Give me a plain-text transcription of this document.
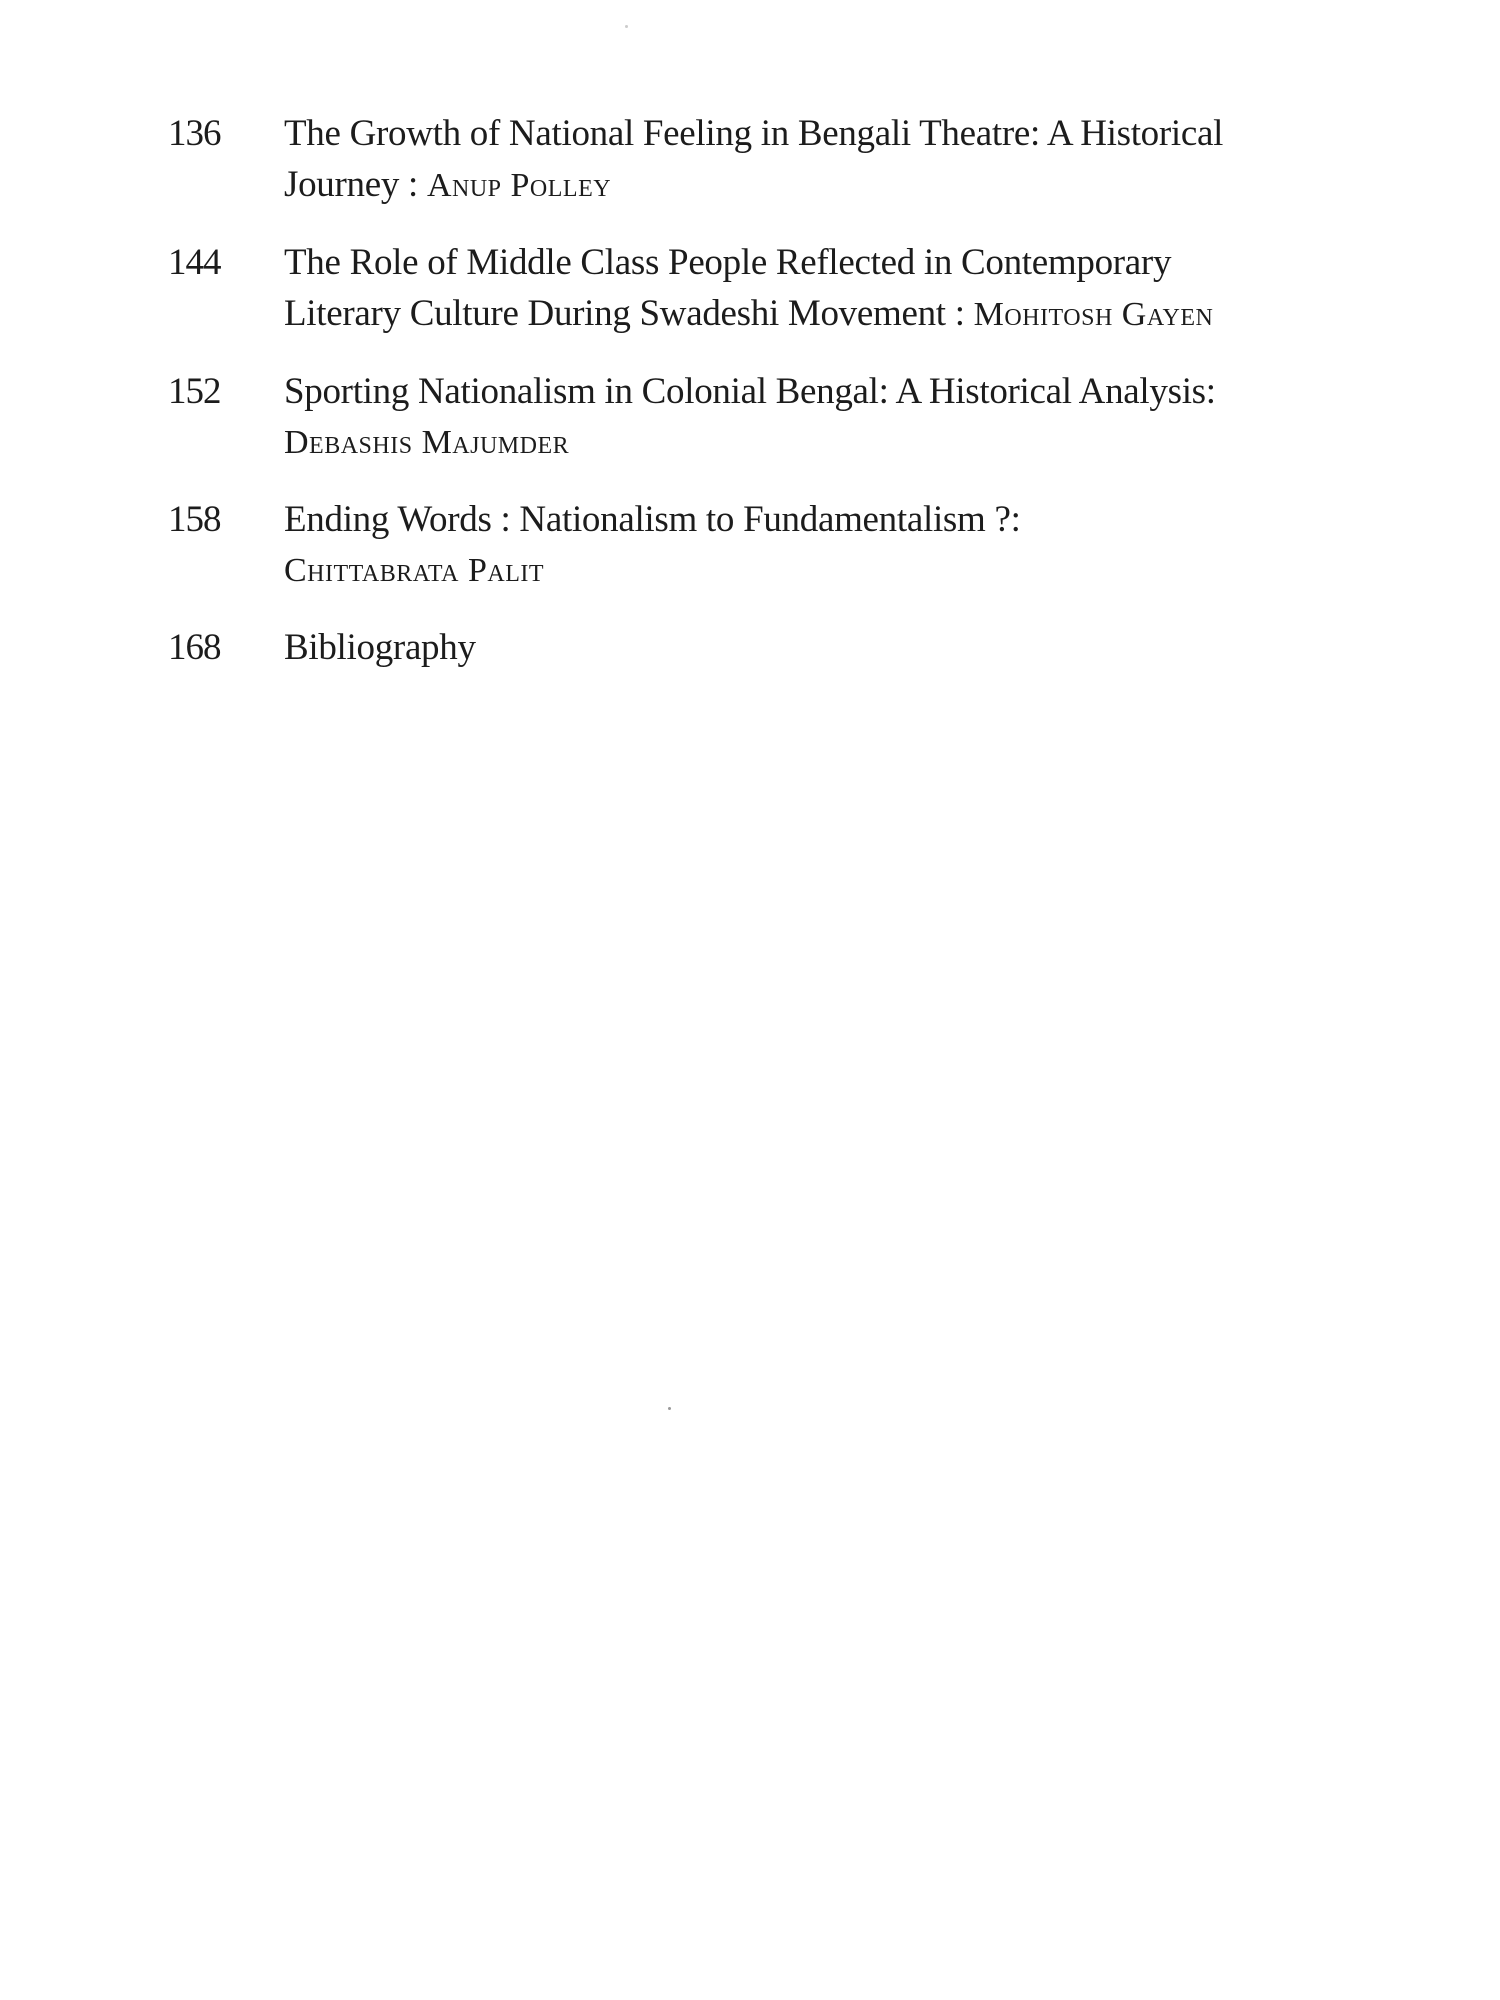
136	The Growth of National Feeling in Bengali Theatre: A Historical
Journey : Anup Polley
144	The Role of Middle Class People Reflected in Contemporary
Literary Culture During Swadeshi Movement : Mohitosh Gayen
152	Sporting Nationalism in Colonial Bengal: A Historical Analysis:
Debashis Majumder
158	Ending Words : Nationalism to Fundamentalism ?:
Chittabrata Palit
168	Bibliography
